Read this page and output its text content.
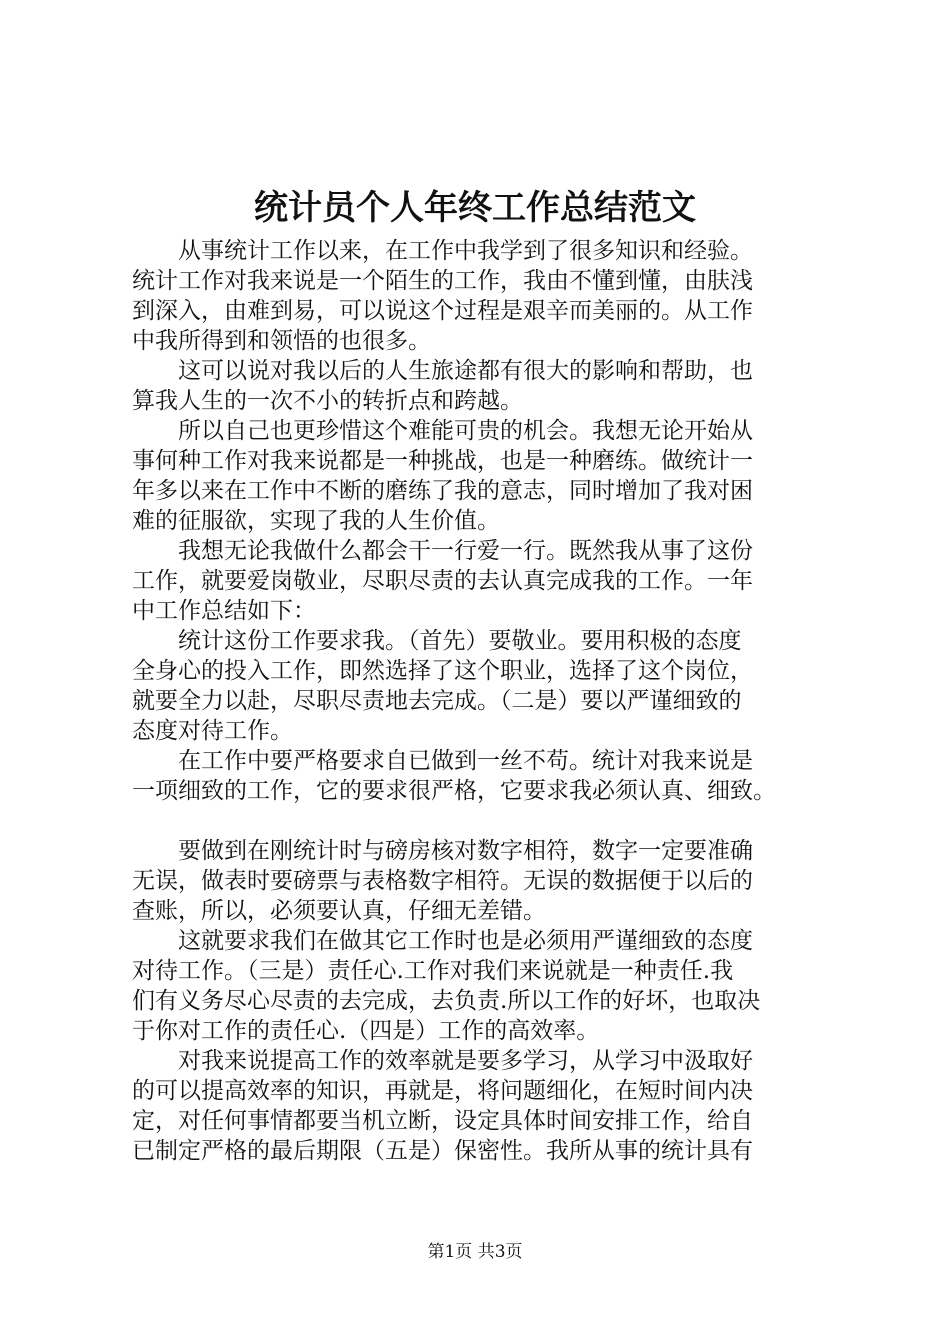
统计员个人年终工作总结范文
　　从事统计工作以来，在工作中我学到了很多知识和经验。
统计工作对我来说是一个陌生的工作，我由不懂到懂，由肤浅
到深入，由难到易，可以说这个过程是艰辛而美丽的。从工作
中我所得到和领悟的也很多。
　　这可以说对我以后的人生旅途都有很大的影响和帮助，也
算我人生的一次不小的转折点和跨越。
　　所以自己也更珍惜这个难能可贵的机会。我想无论开始从
事何种工作对我来说都是一种挑战，也是一种磨练。做统计一
年多以来在工作中不断的磨练了我的意志，同时增加了我对困
难的征服欲，实现了我的人生价值。
　　我想无论我做什么都会干一行爱一行。既然我从事了这份
工作，就要爱岗敬业，尽职尽责的去认真完成我的工作。一年
中工作总结如下：
　　统计这份工作要求我。（首先）要敬业。要用积极的态度
全身心的投入工作，即然选择了这个职业，选择了这个岗位，
就要全力以赴，尽职尽责地去完成。（二是）要以严谨细致的
态度对待工作。
　　在工作中要严格要求自已做到一丝不苟。统计对我来说是
一项细致的工作，它的要求很严格，它要求我必须认真、细致。
　　要做到在刚统计时与磅房核对数字相符，数字一定要准确
无误，做表时要磅票与表格数字相符。无误的数据便于以后的
查账，所以，必须要认真，仔细无差错。
　　这就要求我们在做其它工作时也是必须用严谨细致的态度
对待工作。（三是）责任心.工作对我们来说就是一种责任.我
们有义务尽心尽责的去完成，去负责.所以工作的好坏，也取决
于你对工作的责任心.（四是）工作的高效率。
　　对我来说提高工作的效率就是要多学习，从学习中汲取好
的可以提高效率的知识，再就是，将问题细化，在短时间内决
定，对任何事情都要当机立断，设定具体时间安排工作，给自
已制定严格的最后期限（五是）保密性。我所从事的统计具有
第1页 共3页
